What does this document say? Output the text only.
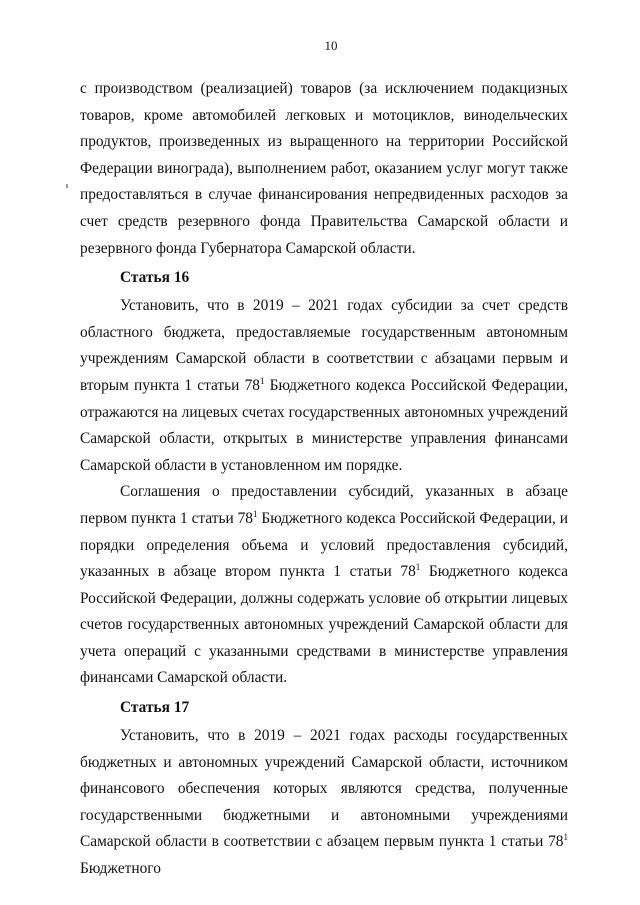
10

с производством (реализацией) товаров (за исключением подакцизных товаров, кроме автомобилей легковых и мотоциклов, винодельческих продуктов, произведенных из выращенного на территории Российской Федерации винограда), выполнением работ, оказанием услуг могут также предоставляться в случае финансирования непредвиденных расходов за счет средств резервного фонда Правительства Самарской области и резервного фонда Губернатора Самарской области.

Статья 16

Установить, что в 2019 – 2021 годах субсидии за счет средств областного бюджета, предоставляемые государственным автономным учреждениям Самарской области в соответствии с абзацами первым и вторым пункта 1 статьи $78^1$ Бюджетного кодекса Российской Федерации, отражаются на лицевых счетах государственных автономных учреждений Самарской области, открытых в министерстве управления финансами Самарской области в установленном им порядке.

Соглашения о предоставлении субсидий, указанных в абзаце первом пункта 1 статьи $78^1$ Бюджетного кодекса Российской Федерации, и порядки определения объема и условий предоставления субсидий, указанных в абзаце втором пункта 1 статьи $78^1$ Бюджетного кодекса Российской Федерации, должны содержать условие об открытии лицевых счетов государственных автономных учреждений Самарской области для учета операций с указанными средствами в министерстве управления финансами Самарской области.

Статья 17

Установить, что в 2019 – 2021 годах расходы государственных бюджетных и автономных учреждений Самарской области, источником финансового обеспечения которых являются средства, полученные государственными бюджетными и автономными учреждениями Самарской области в соответствии с абзацем первым пункта 1 статьи $78^1$ Бюджетного
